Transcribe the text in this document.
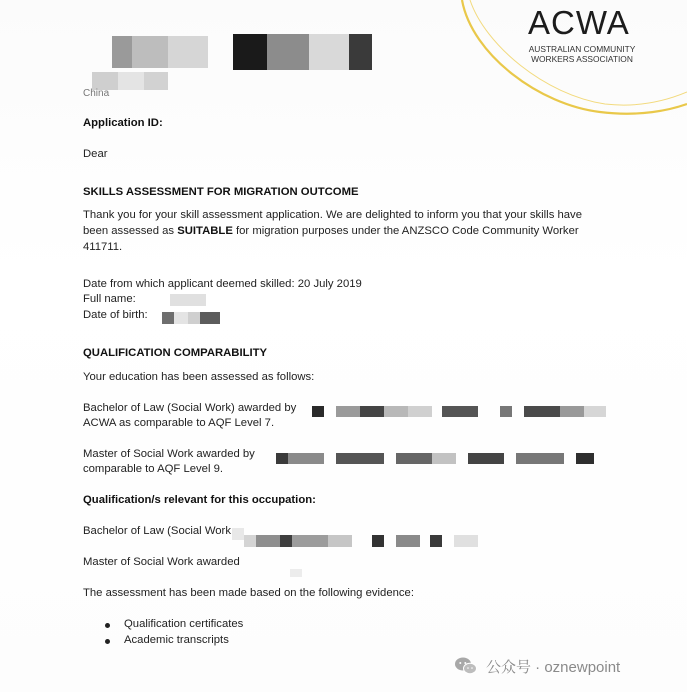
ACWA
AUSTRALIAN COMMUNITY
WORKERS ASSOCIATION
China
Application ID:
Dear
SKILLS ASSESSMENT FOR MIGRATION OUTCOME
Thank you for your skill assessment application. We are delighted to inform you that your skills have
been assessed as SUITABLE for migration purposes under the ANZSCO Code Community Worker
411711.
Date from which applicant deemed skilled: 20 July 2019
Full name:
Date of birth:
QUALIFICATION COMPARABILITY
Your education has been assessed as follows:
Bachelor of Law (Social Work) awarded by
ACWA as comparable to AQF Level 7.
Master of Social Work awarded by
comparable to AQF Level 9.
Qualification/s relevant for this occupation:
Bachelor of Law (Social Work
Master of Social Work awarded
The assessment has been made based on the following evidence:
Qualification certificates
Academic transcripts
公众号 · oznewpoint
